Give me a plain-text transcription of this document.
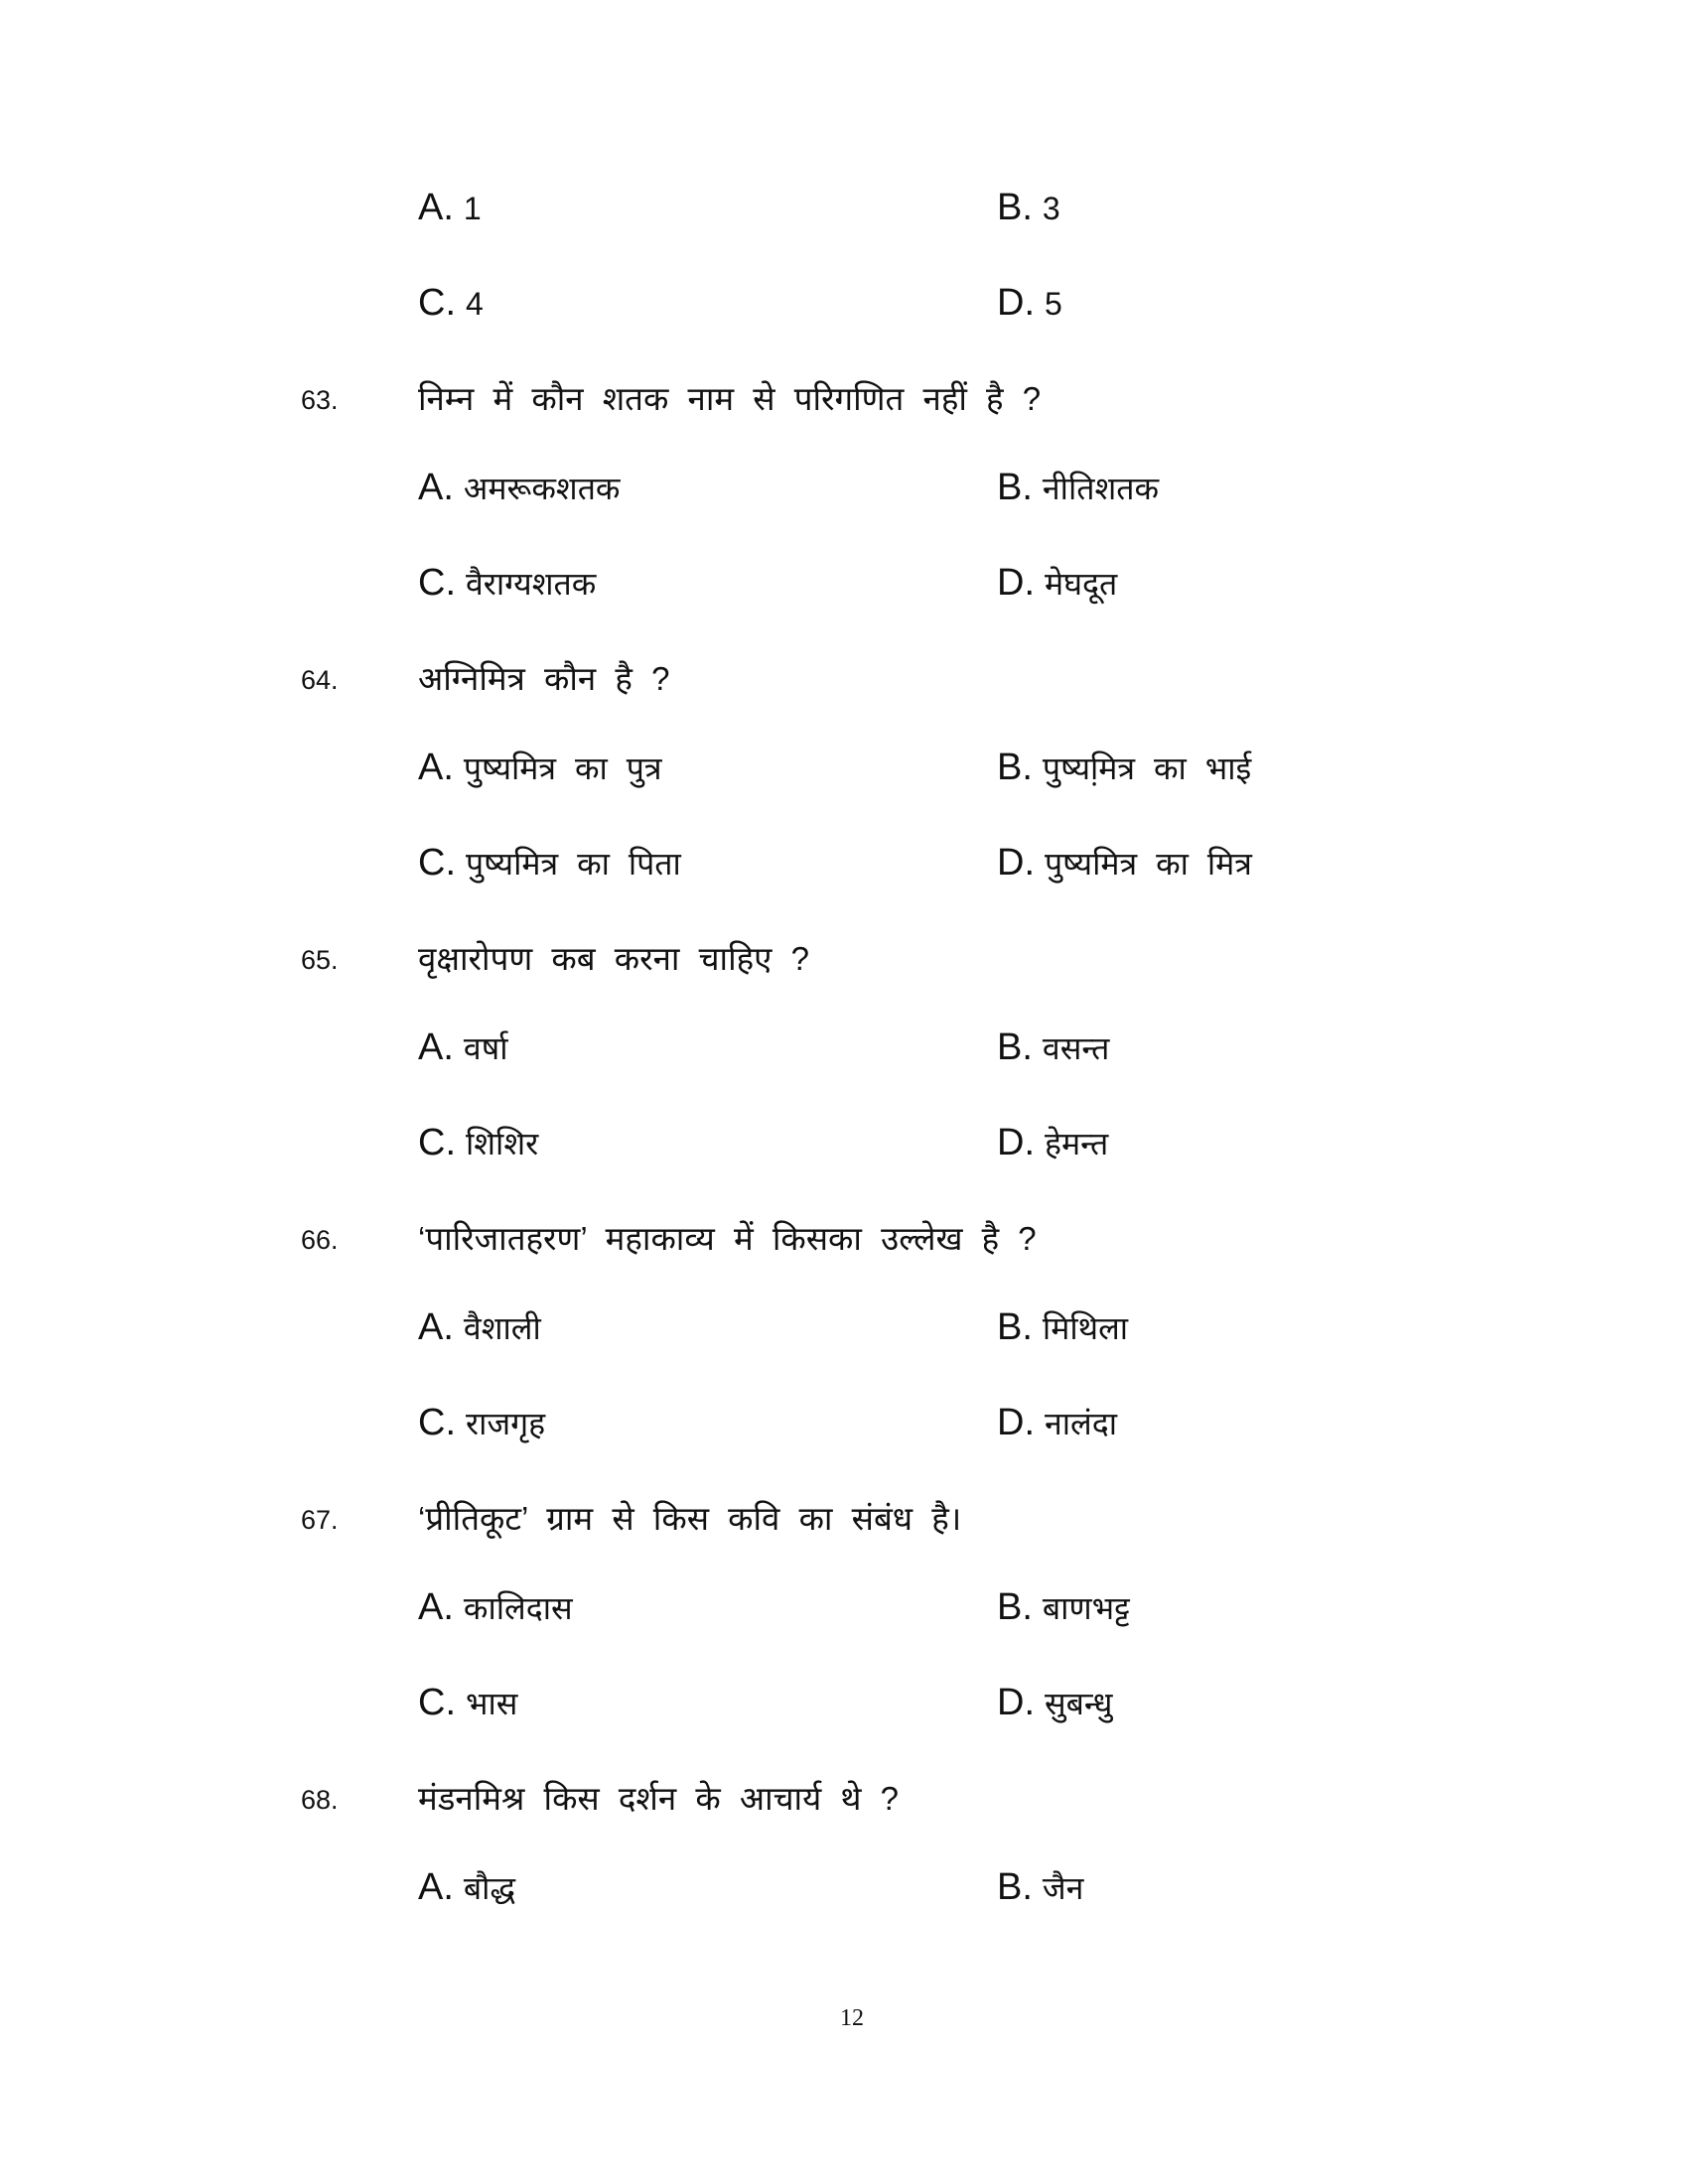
A. 1	B. 3
C. 4	D. 5
63. निम्न में कौन शतक नाम से परिगणित नहीं है ?
A. अमरूकशतक	B. नीतिशतक
C. वैराग्यशतक	D. मेघदूत
64. अग्निमित्र कौन है ?
A. पुष्यमित्र का पुत्र	B. पुष्यमि़त्र का भाई
C. पुष्यमित्र का पिता	D. पुष्यमित्र का मित्र
65. वृक्षारोपण कब करना चाहिए ?
A. वर्षा	B. वसन्त
C. शिशिर	D. हेमन्त
66. ‘पारिजातहरण’ महाकाव्य में किसका उल्लेख है ?
A. वैशाली	B. मिथिला
C. राजगृह	D. नालंदा
67. ‘प्रीतिकूट’ ग्राम से किस कवि का संबंध है।
A. कालिदास	B. बाणभट्ट
C. भास	D. सुबन्धु
68. मंडनमिश्र किस दर्शन के आचार्य थे ?
A. बौद्ध	B. जैन
12
